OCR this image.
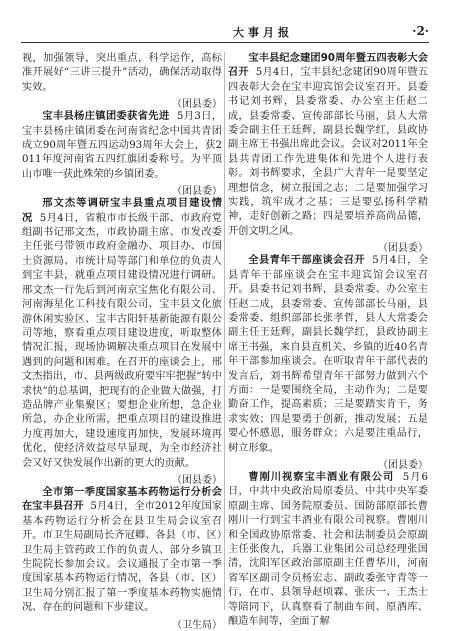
大事月报	·2·

视，加强领导，突出重点，科学运作，高标准开展好“三讲三提升”活动，确保活动取得实效。

（团县委）

宝丰县杨庄镇团委获省先进 5月3日，宝丰县杨庄镇团委在河南省纪念中国共青团成立90周年暨五四运动93周年大会上，获2011年度河南省五四红旗团委称号。为平顶山市唯一获此殊荣的乡镇团委。

（团县委）

邢文杰等调研宝丰县重点项目建设情况 5月4日，省粮市市长级干部、市政府党组副书记邢文杰，市政协副主席、市发改委主任张弓带领市政府金融办、项目办、市国土资源局、市统计局等部门和单位的负责人到宝丰县，就重点项目建设情况进行调研。邢文杰一行先后到河南京宝焦化有限公司、河南海星化工科技有限公司、宝丰县文化旅游休闲实验区、宝丰古阳轩基新能源有限公司等地，察看重点项目建设进度，听取整体情况汇报，现场协调解决重点项目在发展中遇到的问题和困难。在召开的座谈会上，邢文杰指出，市、县两级政府要牢牢把握“转中求快”的总基调，把现有的企业做大做强，打造品牌产业集聚区；要想企业所想，急企业所急，办企业所需，把重点项目的建设推进力度再加大，建设速度再加快，发展环境再优化，使经济效益尽早显现，为全市经济社会又好又快发展作出新的更大的贡献。

（团县委）

全市第一季度国家基本药物运行分析会在宝丰县召开 5月4日，全市2012年度国家基本药物运行分析会在县卫生局会议室召开。市卫生局副局长齐冠卿、各县（市、区）卫生局主管药政工作的负责人、部分乡镇卫生院院长参加会议。会议通报了全市第一季度国家基本药物运行情况，各县（市、区）卫生局分别汇报了第一季度基本药物实施情况、存在的问题和下步建议。

（卫生局）

宝丰县纪念建团90周年暨五四表彰大会召开 5月4日，宝丰县纪念建团90周年暨五四表彰大会在宝丰迎宾馆会议室召开。县委书记刘书辉，县委常委、办公室主任赵二成，县委常委、宣传部部长马丽，县人大常委会副主任王廷辉，副县长魏学红，县政协副主席王书强出席此会议。会议对2011年全县共青团工作先进集体和先进个人进行表彰。刘书辉要求，全县广大青年一是要坚定理想信念，树立报国之志；二是要加强学习实践，筑牢成才之基；三是要弘扬科学精神，走好创新之路；四是要培养高尚品德，开创文明之风。

（团县委）

全县青年干部座谈会召开 5月4日，全县青年干部座谈会在宝丰迎宾馆会议室召开。县委书记刘书辉，县委常委、办公室主任赵二成，县委常委、宣传部部长马丽，县委常委、组织部部长张孝哲，县人大常委会副主任王廷辉，副县长魏学红，县政协副主席王书强，来自县直机关、乡镇的近40名青年干部参加座谈会。在听取青年干部代表的发言后，刘书辉希望青年干部努力做到六个方面：一是要围绕全局，主动作为；二是要勤奋工作，提高素质；三是要踏实肯干，务求实效；四是要勇于创新，推动发展；五是要心怀感恩，服务群众；六是要注重品行，树立形象。

（团县委）

曹刚川视察宝丰酒业有限公司 5月6日，中共中央政治局原委员、中共中央军委原副主席、国务院原委员、国防部原部长曹刚川一行到宝丰酒业有限公司视察。曹刚川和全国政协原常委、社会和法制委员会原副主任张俊九，兵器工业集团公司总经理张国清，沈阳军区政治部原副主任曹华川，河南省军区副司令员杨宏志、副政委张守青等一行，在市、县领导赵顷霖、张庆一、王杰士等陪同下，认真察看了制曲车间、原酒库、酿造车间等，全面了解
